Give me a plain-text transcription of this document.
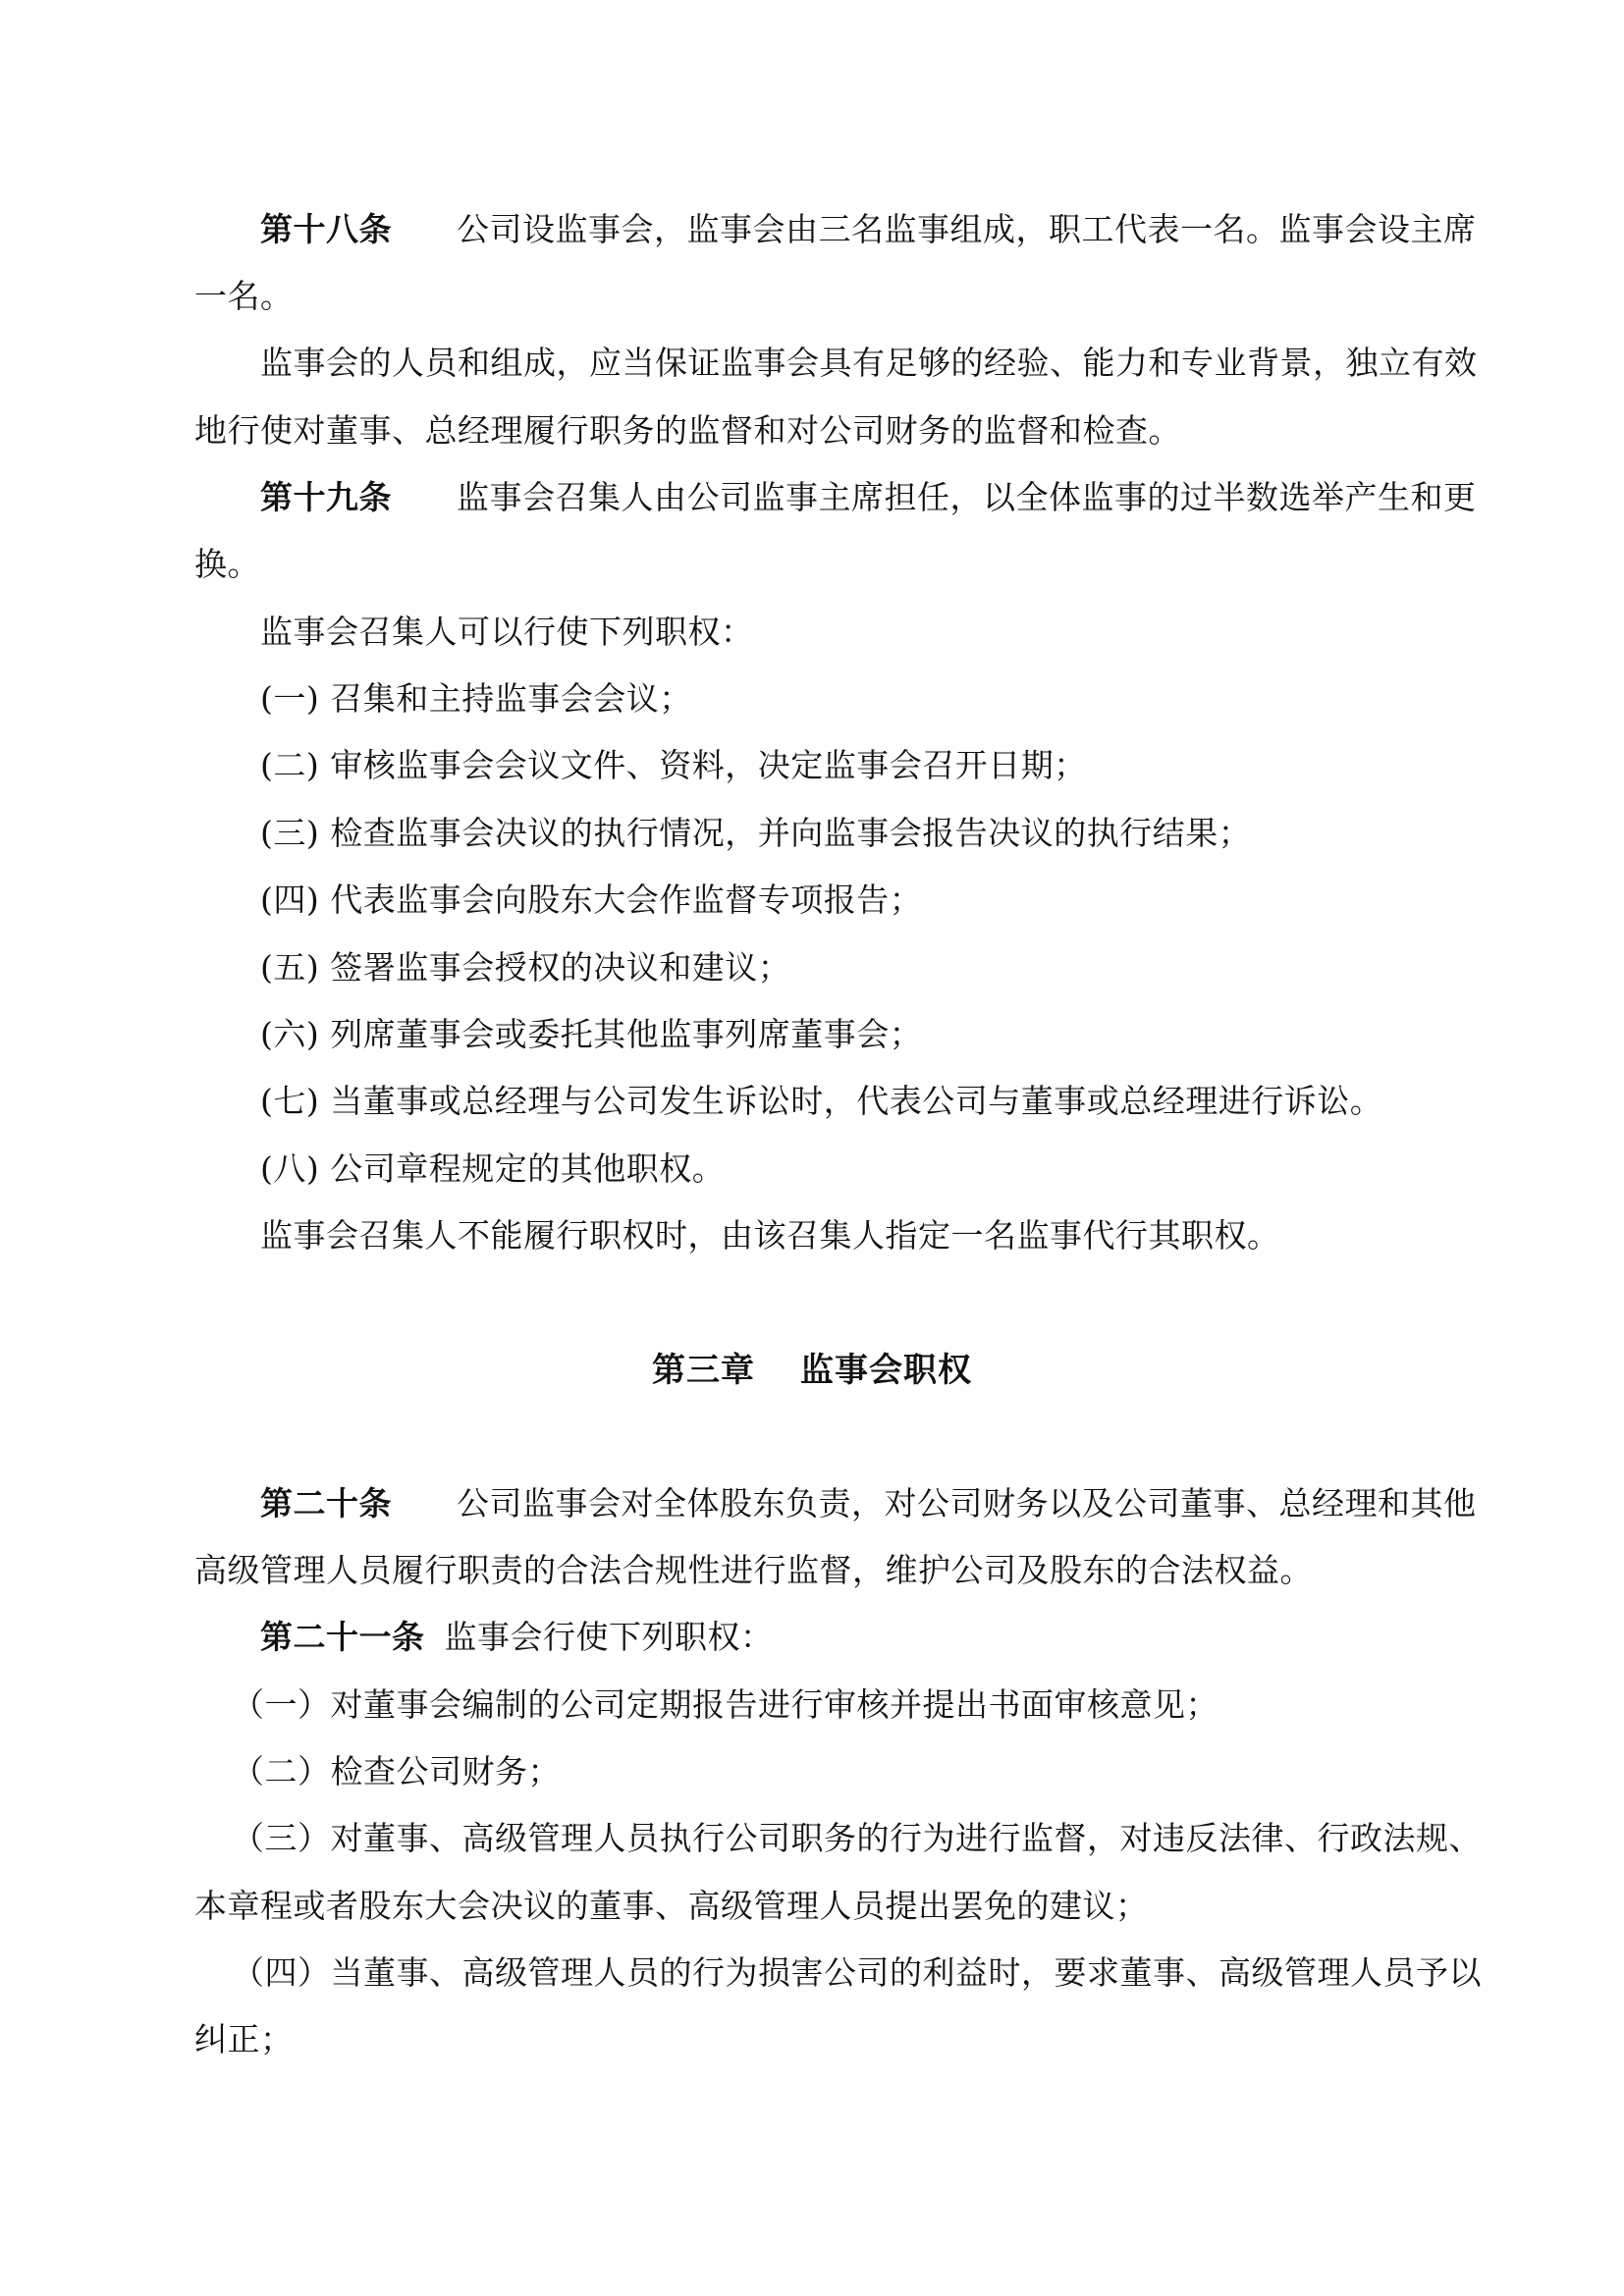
第十八条 公司设监事会，监事会由三名监事组成，职工代表一名。监事会设主席
一名。
监事会的人员和组成，应当保证监事会具有足够的经验、能力和专业背景，独立有效
地行使对董事、总经理履行职务的监督和对公司财务的监督和检查。
第十九条 监事会召集人由公司监事主席担任，以全体监事的过半数选举产生和更
换。
监事会召集人可以行使下列职权：
(一) 召集和主持监事会会议；
(二) 审核监事会会议文件、资料，决定监事会召开日期；
(三) 检查监事会决议的执行情况，并向监事会报告决议的执行结果；
(四) 代表监事会向股东大会作监督专项报告；
(五) 签署监事会授权的决议和建议；
(六) 列席董事会或委托其他监事列席董事会；
(七) 当董事或总经理与公司发生诉讼时，代表公司与董事或总经理进行诉讼。
(八) 公司章程规定的其他职权。
监事会召集人不能履行职权时，由该召集人指定一名监事代行其职权。
第三章 监事会职权
第二十条 公司监事会对全体股东负责，对公司财务以及公司董事、总经理和其他
高级管理人员履行职责的合法合规性进行监督，维护公司及股东的合法权益。
第二十一条 监事会行使下列职权：
（一）对董事会编制的公司定期报告进行审核并提出书面审核意见；
（二）检查公司财务；
（三）对董事、高级管理人员执行公司职务的行为进行监督，对违反法律、行政法规、
本章程或者股东大会决议的董事、高级管理人员提出罢免的建议；
（四）当董事、高级管理人员的行为损害公司的利益时，要求董事、高级管理人员予以
纠正；
